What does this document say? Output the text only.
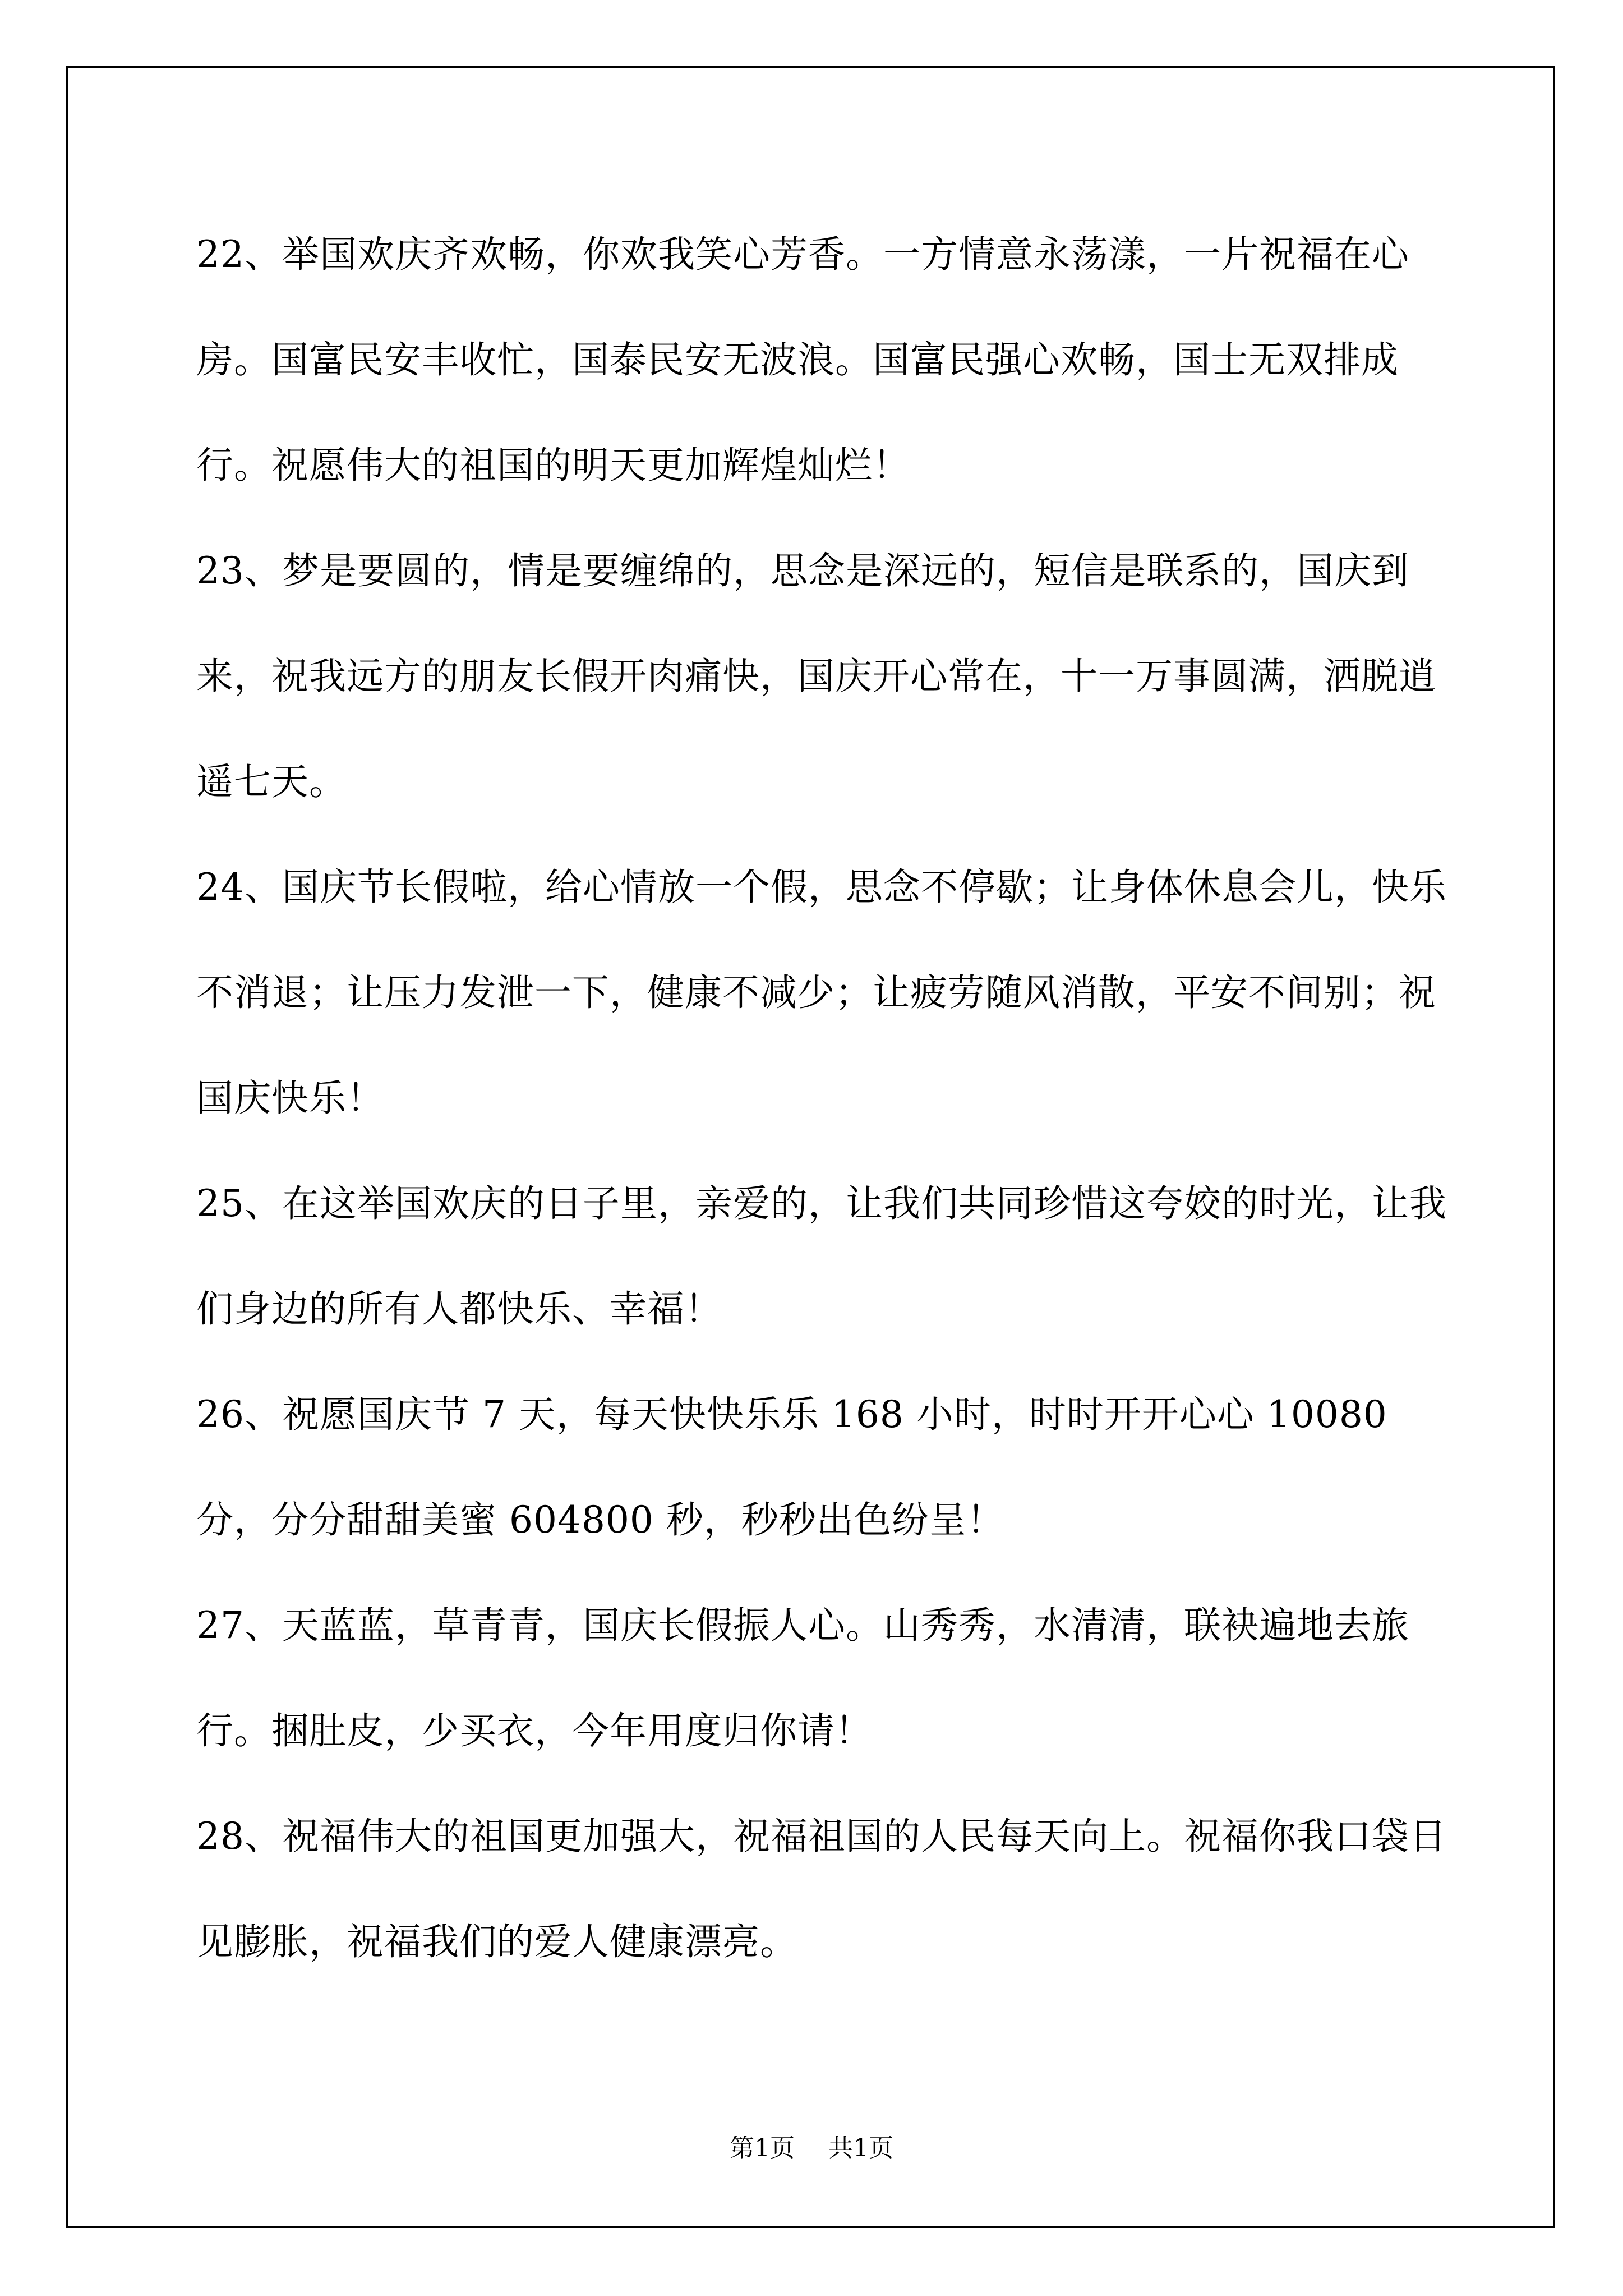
22、举国欢庆齐欢畅，你欢我笑心芳香。一方情意永荡漾，一片祝福在心房。国富民安丰收忙，国泰民安无波浪。国富民强心欢畅，国士无双排成行。祝愿伟大的祖国的明天更加辉煌灿烂！

23、梦是要圆的，情是要缠绵的，思念是深远的，短信是联系的，国庆到来，祝我远方的朋友长假开肉痛快，国庆开心常在，十一万事圆满，洒脱逍遥七天。

24、国庆节长假啦，给心情放一个假，思念不停歇；让身体休息会儿，快乐不消退；让压力发泄一下，健康不减少；让疲劳随风消散，平安不间别；祝国庆快乐！

25、在这举国欢庆的日子里，亲爱的，让我们共同珍惜这夸姣的时光，让我们身边的所有人都快乐、幸福！

26、祝愿国庆节 7 天，每天快快乐乐 168 小时，时时开开心心 10080 分，分分甜甜美蜜 604800 秒，秒秒出色纷呈！

27、天蓝蓝，草青青，国庆长假振人心。山秀秀，水清清，联袂遍地去旅行。捆肚皮，少买衣，今年用度归你请！

28、祝福伟大的祖国更加强大，祝福祖国的人民每天向上。祝福你我口袋日见膨胀，祝福我们的爱人健康漂亮。

第1页 共1页
